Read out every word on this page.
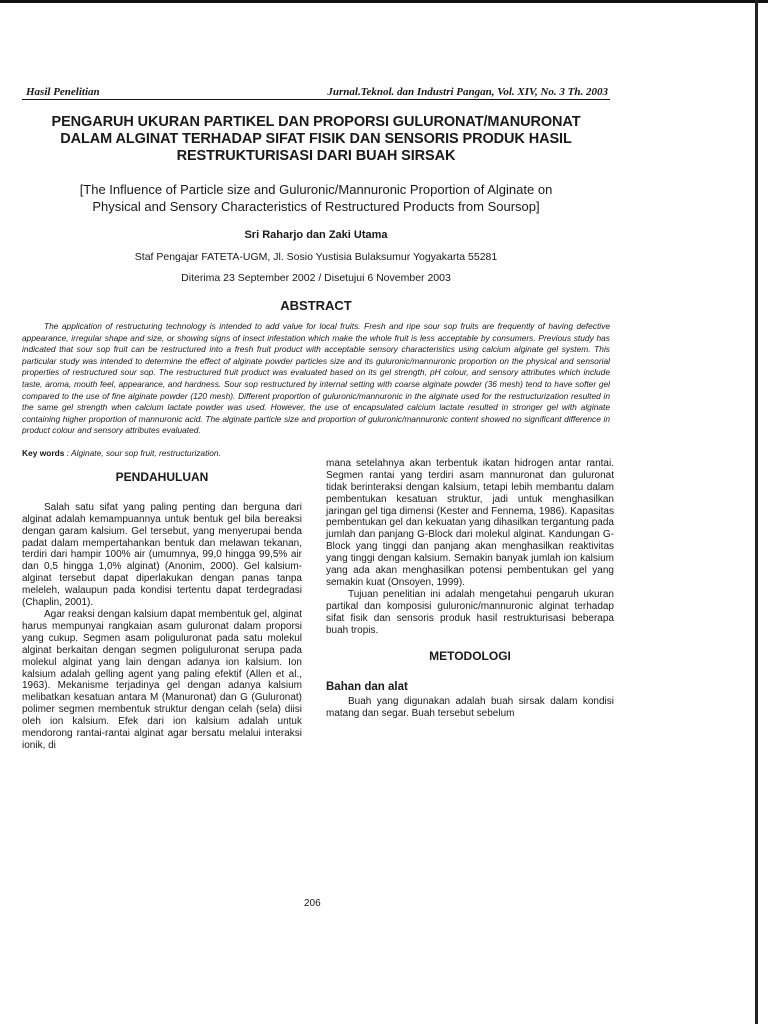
Hasil Penelitian	Jurnal.Teknol. dan Industri Pangan, Vol. XIV, No. 3 Th. 2003
PENGARUH UKURAN PARTIKEL DAN PROPORSI GULURONAT/MANURONAT
DALAM ALGINAT TERHADAP SIFAT FISIK DAN SENSORIS PRODUK HASIL
RESTRUKTURISASI DARI BUAH SIRSAK
[The Influence of Particle size and Guluronic/Mannuronic Proportion of Alginate on
Physical and Sensory Characteristics of Restructured Products from Soursop]
Sri Raharjo dan Zaki Utama
Staf Pengajar FATETA-UGM, Jl. Sosio Yustisia Bulaksumur Yogyakarta 55281
Diterima 23 September 2002 / Disetujui 6 November 2003
ABSTRACT
The application of restructuring technology is intended to add value for local fruits. Fresh and ripe sour sop fruits are frequently of having defective appearance, irregular shape and size, or showing signs of insect infestation which make the whole fruit is less acceptable by consumers. Previous study has indicated that sour sop fruit can be restructured into a fresh fruit product with acceptable sensory characteristics using calcium alginate gel system. This particular study was intended to determine the effect of alginate powder particles size and its guluronic/mannuronic proportion on the physical and sensorial properties of restructured sour sop. The restructured fruit product was evaluated based on its gel strength, pH colour, and sensory attributes which include taste, aroma, mouth feel, appearance, and hardness. Sour sop restructured by internal setting with coarse alginate powder (36 mesh) tend to have softer gel compared to the use of fine alginate powder (120 mesh). Different proportion of guluronic/mannuronic in the alginate used for the restructurization resulted in the same gel strength when calcium lactate powder was used. However, the use of encapsulated calcium lactate resulted in stronger gel with alginate containing higher proportion of mannuronic acid. The alginate particle size and proportion of guluronic/mannuronic content showed no significant difference in product colour and sensory attributes evaluated.
Key words : Alginate, sour sop fruit, restructurization.
PENDAHULUAN

Salah satu sifat yang paling penting dan berguna dari alginat adalah kemampuannya untuk bentuk gel bila bereaksi dengan garam kalsium. Gel tersebut, yang menyerupai benda padat dalam mempertahankan bentuk dan melawan tekanan, terdiri dari hampir 100% air (umumnya, 99,0 hingga 99,5% air dan 0,5 hingga 1,0% alginat) (Anonim, 2000). Gel kalsium-alginat tersebut dapat diperlakukan dengan panas tanpa meleleh, walaupun pada kondisi tertentu dapat terdegradasi (Chaplin, 2001).

Agar reaksi dengan kalsium dapat membentuk gel, alginat harus mempunyai rangkaian asam guluronat dalam proporsi yang cukup. Segmen asam poliguluronat pada satu molekul alginat berkaitan dengan segmen poliguluronat serupa pada molekul alginat yang lain dengan adanya ion kalsium. Ion kalsium adalah gelling agent yang paling efektif (Allen et al., 1963). Mekanisme terjadinya gel dengan adanya kalsium melibatkan kesatuan antara M (Manuronat) dan G (Guluronat) polimer segmen membentuk struktur dengan celah (sela) diisi oleh ion kalsium. Efek dari ion kalsium adalah untuk mendorong rantai-rantai alginat agar bersatu melalui interaksi ionik, di

mana setelahnya akan terbentuk ikatan hidrogen antar rantai. Segmen rantai yang terdiri asam mannuronat dan guluronat tidak berinteraksi dengan kalsium, tetapi lebih membantu dalam pembentukan kesatuan struktur, jadi untuk menghasilkan jaringan gel tiga dimensi (Kester and Fennema, 1986). Kapasitas pembentukan gel dan kekuatan yang dihasilkan tergantung pada jumlah dan panjang G-Block dari molekul alginat. Kandungan G-Block yang tinggi dan panjang akan menghasilkan reaktivitas yang tinggi dengan kalsium. Semakin banyak jumlah ion kalsium yang ada akan menghasilkan potensi pembentukan gel yang semakin kuat (Onsoyen, 1999).

Tujuan penelitian ini adalah mengetahui pengaruh ukuran partikal dan komposisi guluronic/mannuronic alginat terhadap sifat fisik dan sensoris produk hasil restrukturisasi beberapa buah tropis.

METODOLOGI
Bahan dan alat

Buah yang digunakan adalah buah sirsak dalam kondisi matang dan segar. Buah tersebut sebelum

206
